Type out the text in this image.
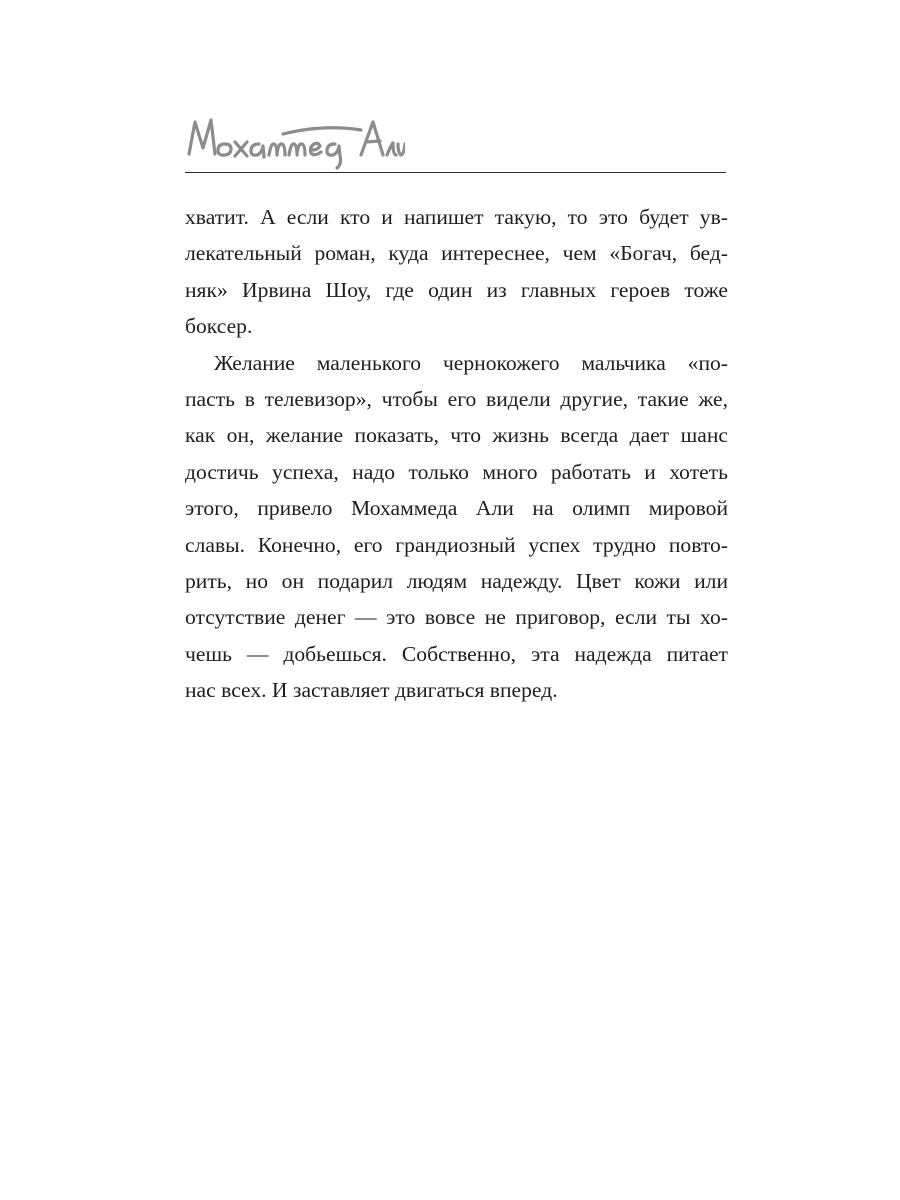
хватит. А если кто и напишет такую, то это будет ув-
лекательный роман, куда интереснее, чем «Богач, бед-
няк» Ирвина Шоу, где один из главных героев тоже
боксер.

Желание маленького чернокожего мальчика «по-
пасть в телевизор», чтобы его видели другие, такие же,
как он, желание показать, что жизнь всегда дает шанс
достичь успеха, надо только много работать и хотеть
этого, привело Мохаммеда Али на олимп мировой
славы. Конечно, его грандиозный успех трудно повто-
рить, но он подарил людям надежду. Цвет кожи или
отсутствие денег — это вовсе не приговор, если ты хо-
чешь — добьешься. Собственно, эта надежда питает
нас всех. И заставляет двигаться вперед.
